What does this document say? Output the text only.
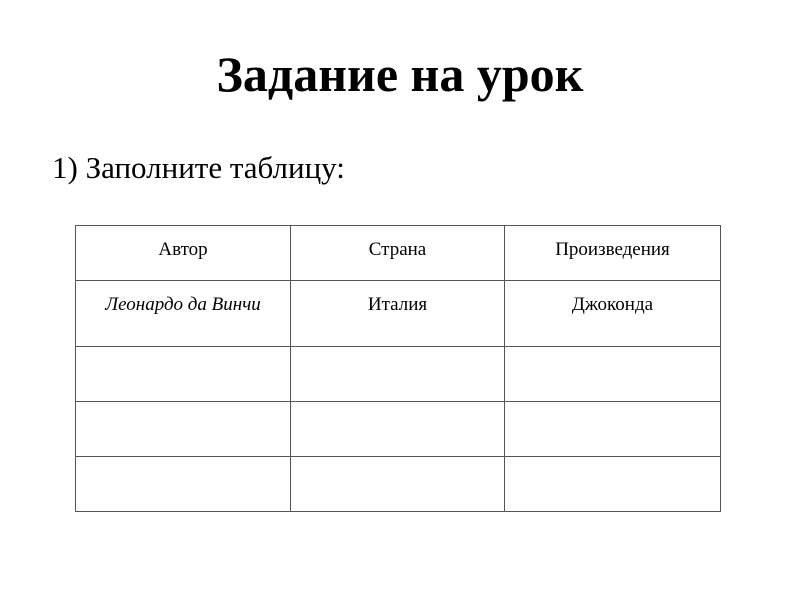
Задание на урок

1) Заполните таблицу:

Автор	Страна	Произведения
Леонардо да Винчи	Италия	Джоконда
